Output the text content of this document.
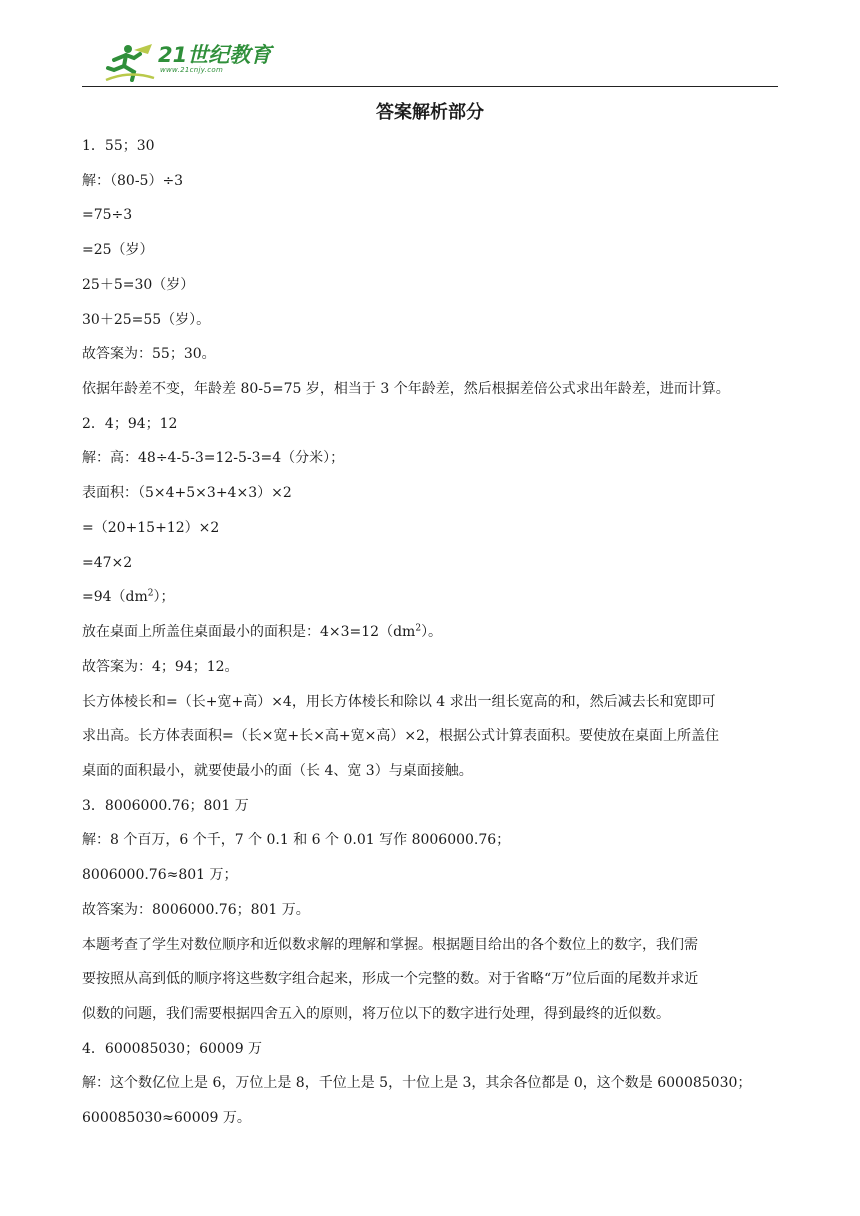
21世纪教育
www.21cnjy.com
答案解析部分
1．55；30
解：（80-5）÷3
=75÷3
=25（岁）
25＋5=30（岁）
30＋25=55（岁）。
故答案为：55；30。
依据年龄差不变，年龄差 80-5=75 岁，相当于 3 个年龄差，然后根据差倍公式求出年龄差，进而计算。
2．4；94；12
解：高：48÷4-5-3=12-5-3=4（分米）；
表面积：（5×4+5×3+4×3）×2
=（20+15+12）×2
=47×2
$=94(dm^2)$；
放在桌面上所盖住桌面最小的面积是：$4\times 3=12(dm^2)$。
故答案为：4；94；12。
长方体棱长和=（长+宽+高）×4，用长方体棱长和除以 4 求出一组长宽高的和，然后减去长和宽即可
求出高。长方体表面积=（长×宽+长×高+宽×高）×2，根据公式计算表面积。要使放在桌面上所盖住
桌面的面积最小，就要使最小的面（长 4、宽 3）与桌面接触。
3．8006000.76；801 万
解：8 个百万，6 个千，7 个 0.1 和 6 个 0.01 写作 8006000.76；
8006000.76≈801 万；
故答案为：8006000.76；801 万。
本题考查了学生对数位顺序和近似数求解的理解和掌握。根据题目给出的各个数位上的数字，我们需
要按照从高到低的顺序将这些数字组合起来，形成一个完整的数。对于省略“万”位后面的尾数并求近
似数的问题，我们需要根据四舍五入的原则，将万位以下的数字进行处理，得到最终的近似数。
4．600085030；60009 万
解：这个数亿位上是 6，万位上是 8，千位上是 5，十位上是 3，其余各位都是 0，这个数是 600085030；
600085030≈60009 万。
